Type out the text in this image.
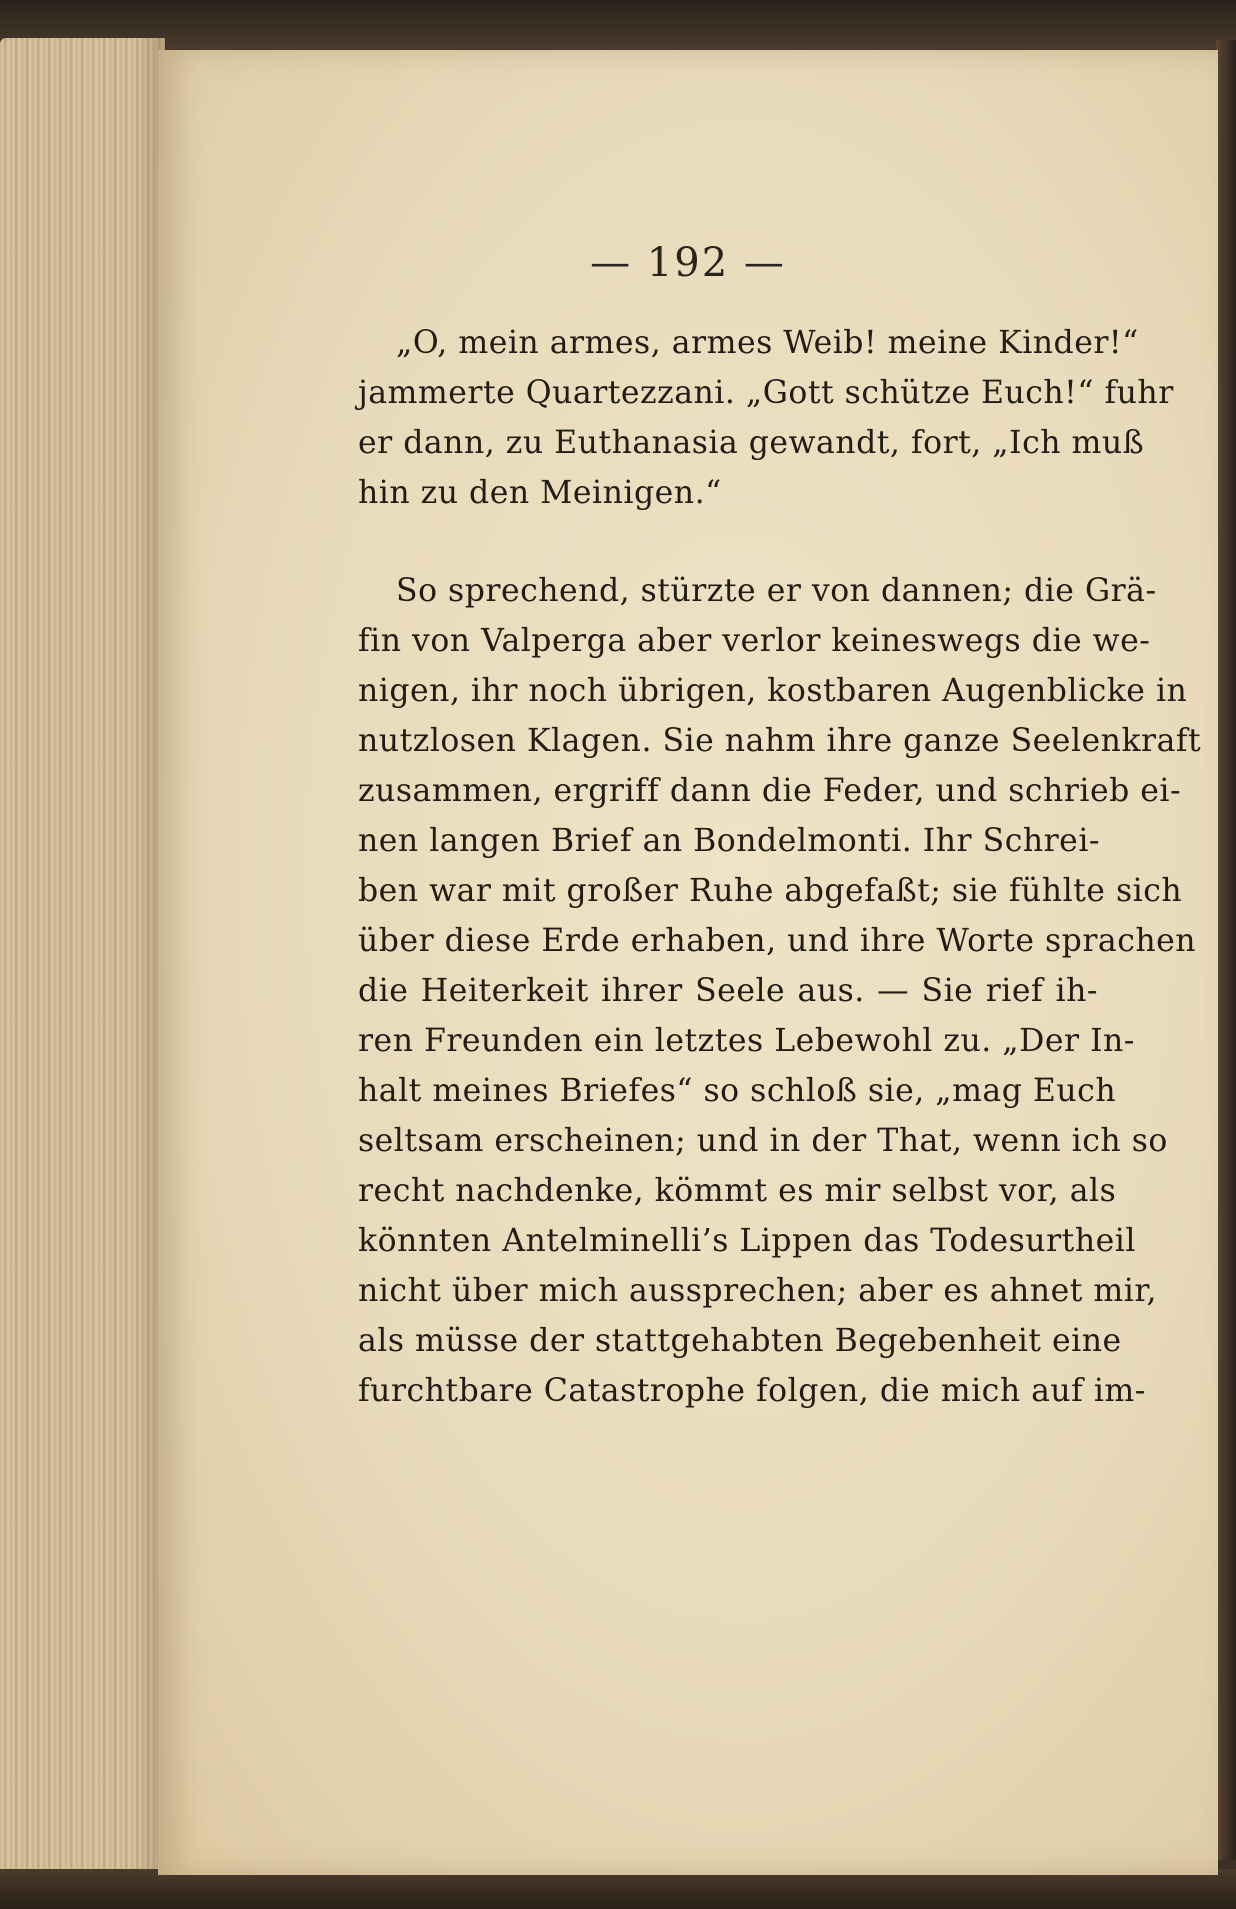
— 192 —
„O, mein armes, armes Weib! meine Kinder!“
jammerte Quartezzani. „Gott schütze Euch!“ fuhr
er dann, zu Euthanasia gewandt, fort, „Ich muß
hin zu den Meinigen.“
So sprechend, stürzte er von dannen; die Grä-
fin von Valperga aber verlor keineswegs die we-
nigen, ihr noch übrigen, kostbaren Augenblicke in
nutzlosen Klagen. Sie nahm ihre ganze Seelenkraft
zusammen, ergriff dann die Feder, und schrieb ei-
nen langen Brief an Bondelmonti. Ihr Schrei-
ben war mit großer Ruhe abgefaßt; sie fühlte sich
über diese Erde erhaben, und ihre Worte sprachen
die Heiterkeit ihrer Seele aus. — Sie rief ih-
ren Freunden ein letztes Lebewohl zu. „Der In-
halt meines Briefes“ so schloß sie, „mag Euch
seltsam erscheinen; und in der That, wenn ich so
recht nachdenke, kömmt es mir selbst vor, als
könnten Antelminelli’s Lippen das Todesurtheil
nicht über mich aussprechen; aber es ahnet mir,
als müsse der stattgehabten Begebenheit eine
furchtbare Catastrophe folgen, die mich auf im-
